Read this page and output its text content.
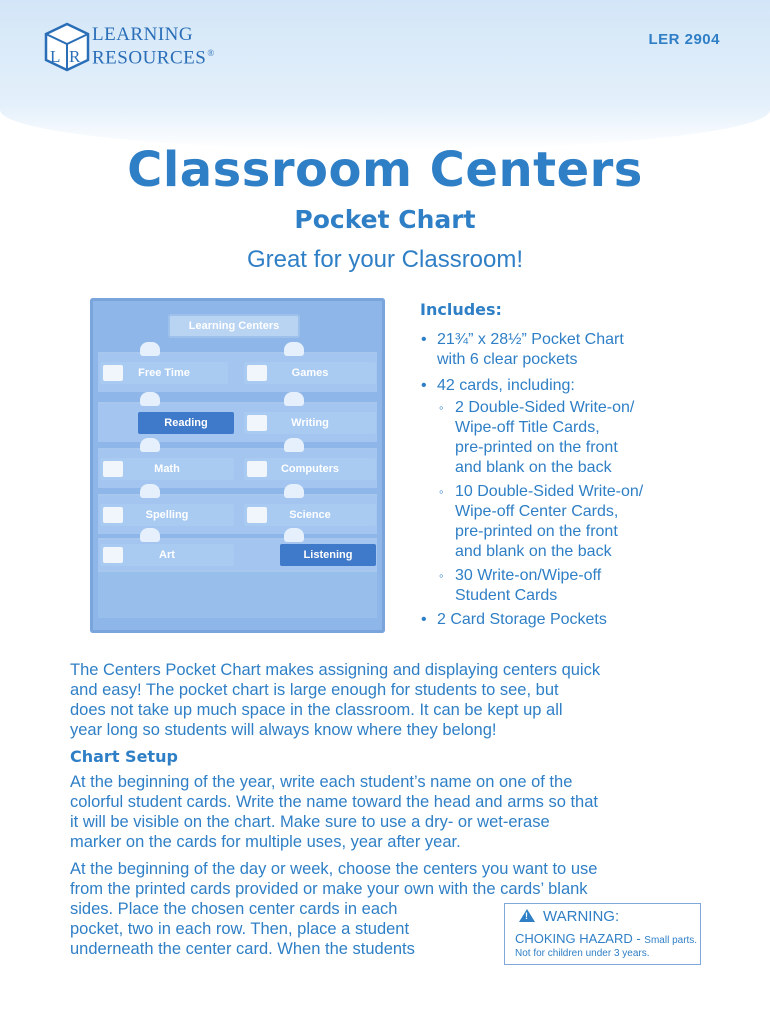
L R
LEARNING
RESOURCES®
LER 2904
Classroom Centers
Pocket Chart
Great for your Classroom!
Learning Centers
Free Time	Games
Reading	Writing
Math	Computers
Spelling	Science
Art	Listening
Includes:
• 21¾” x 28½” Pocket Chart
with 6 clear pockets
• 42 cards, including:
◦ 2 Double-Sided Write-on/
Wipe-off Title Cards,
pre-printed on the front
and blank on the back
◦ 10 Double-Sided Write-on/
Wipe-off Center Cards,
pre-printed on the front
and blank on the back
◦ 30 Write-on/Wipe-off
Student Cards
• 2 Card Storage Pockets
The Centers Pocket Chart makes assigning and displaying centers quick
and easy! The pocket chart is large enough for students to see, but
does not take up much space in the classroom. It can be kept up all
year long so students will always know where they belong!
Chart Setup
At the beginning of the year, write each student’s name on one of the
colorful student cards. Write the name toward the head and arms so that
it will be visible on the chart. Make sure to use a dry- or wet-erase
marker on the cards for multiple uses, year after year.
At the beginning of the day or week, choose the centers you want to use
from the printed cards provided or make your own with the cards’ blank
sides. Place the chosen center cards in each
pocket, two in each row. Then, place a student
underneath the center card. When the students
!WARNING:
CHOKING HAZARD - Small parts.
Not for children under 3 years.
